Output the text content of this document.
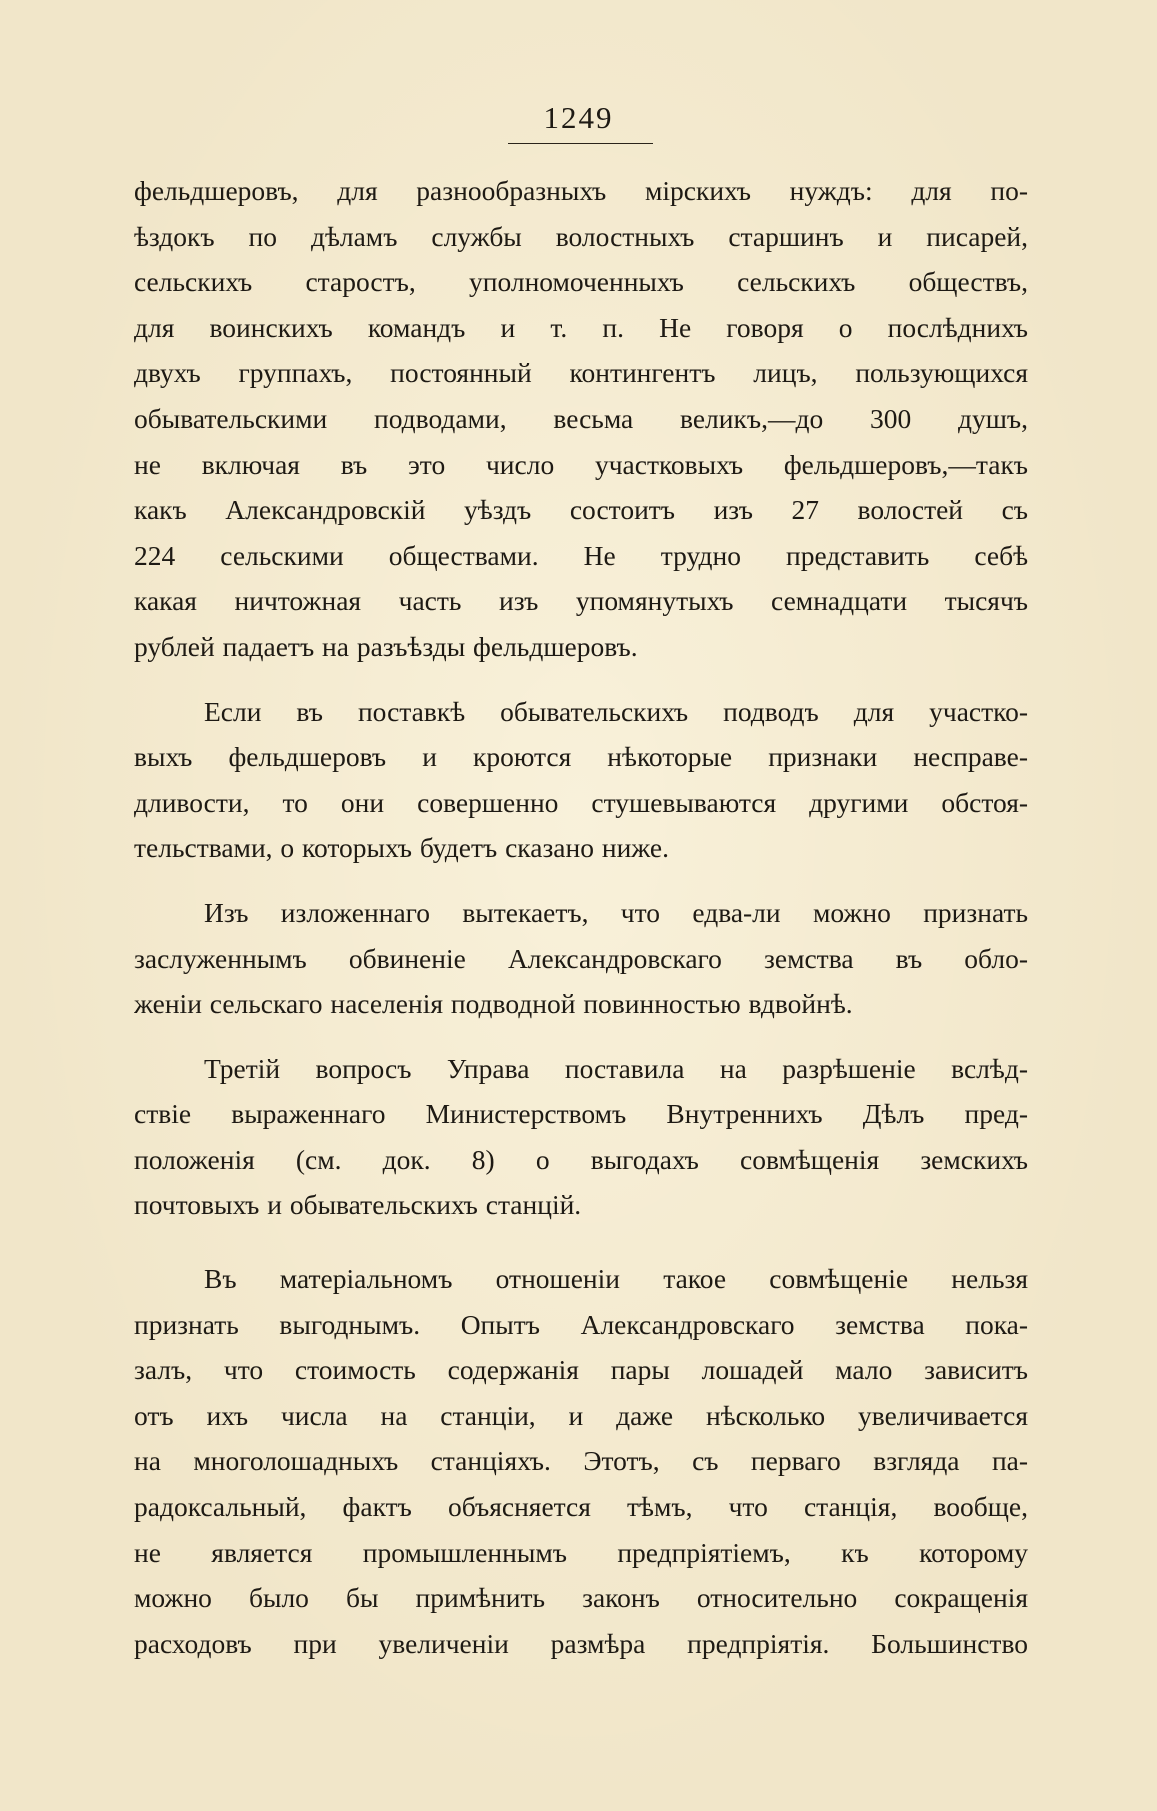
1249

фельдшеровъ, для разнообразныхъ мірскихъ нуждъ: для по-
ѣздокъ по дѣламъ службы волостныхъ старшинъ и писарей,
сельскихъ старостъ, уполномоченныхъ сельскихъ обществъ,
для воинскихъ командъ и т. п. Не говоря о послѣднихъ
двухъ группахъ, постоянный контингентъ лицъ, пользующихся
обывательскими подводами, весьма великъ,—до 300 душъ,
не включая въ это число участковыхъ фельдшеровъ,—такъ
какъ Александровскій уѣздъ состоитъ изъ 27 волостей съ
224 сельскими обществами. Не трудно представить себѣ
какая ничтожная часть изъ упомянутыхъ семнадцати тысячъ
рублей падаетъ на разъѣзды фельдшеровъ.

Если въ поставкѣ обывательскихъ подводъ для участко-
выхъ фельдшеровъ и кроются нѣкоторые признаки несправе-
дливости, то они совершенно стушевываются другими обстоя-
тельствами, о которыхъ будетъ сказано ниже.

Изъ изложеннаго вытекаетъ, что едва-ли можно признать
заслуженнымъ обвиненіе Александровскаго земства въ обло-
женіи сельскаго населенія подводной повинностью вдвойнѣ.

Третій вопросъ Управа поставила на разрѣшеніе вслѣд-
ствіе выраженнаго Министерствомъ Внутреннихъ Дѣлъ пред-
положенія (см. док. 8) о выгодахъ совмѣщенія земскихъ
почтовыхъ и обывательскихъ станцій.

Въ матеріальномъ отношеніи такое совмѣщеніе нельзя
признать выгоднымъ. Опытъ Александровскаго земства пока-
залъ, что стоимость содержанія пары лошадей мало зависитъ
отъ ихъ числа на станціи, и даже нѣсколько увеличивается
на многолошадныхъ станціяхъ. Этотъ, съ перваго взгляда па-
радоксальный, фактъ объясняется тѣмъ, что станція, вообще,
не является промышленнымъ предпріятіемъ, къ которому
можно было бы примѣнить законъ относительно сокращенія
расходовъ при увеличеніи размѣра предпріятія. Большинство
